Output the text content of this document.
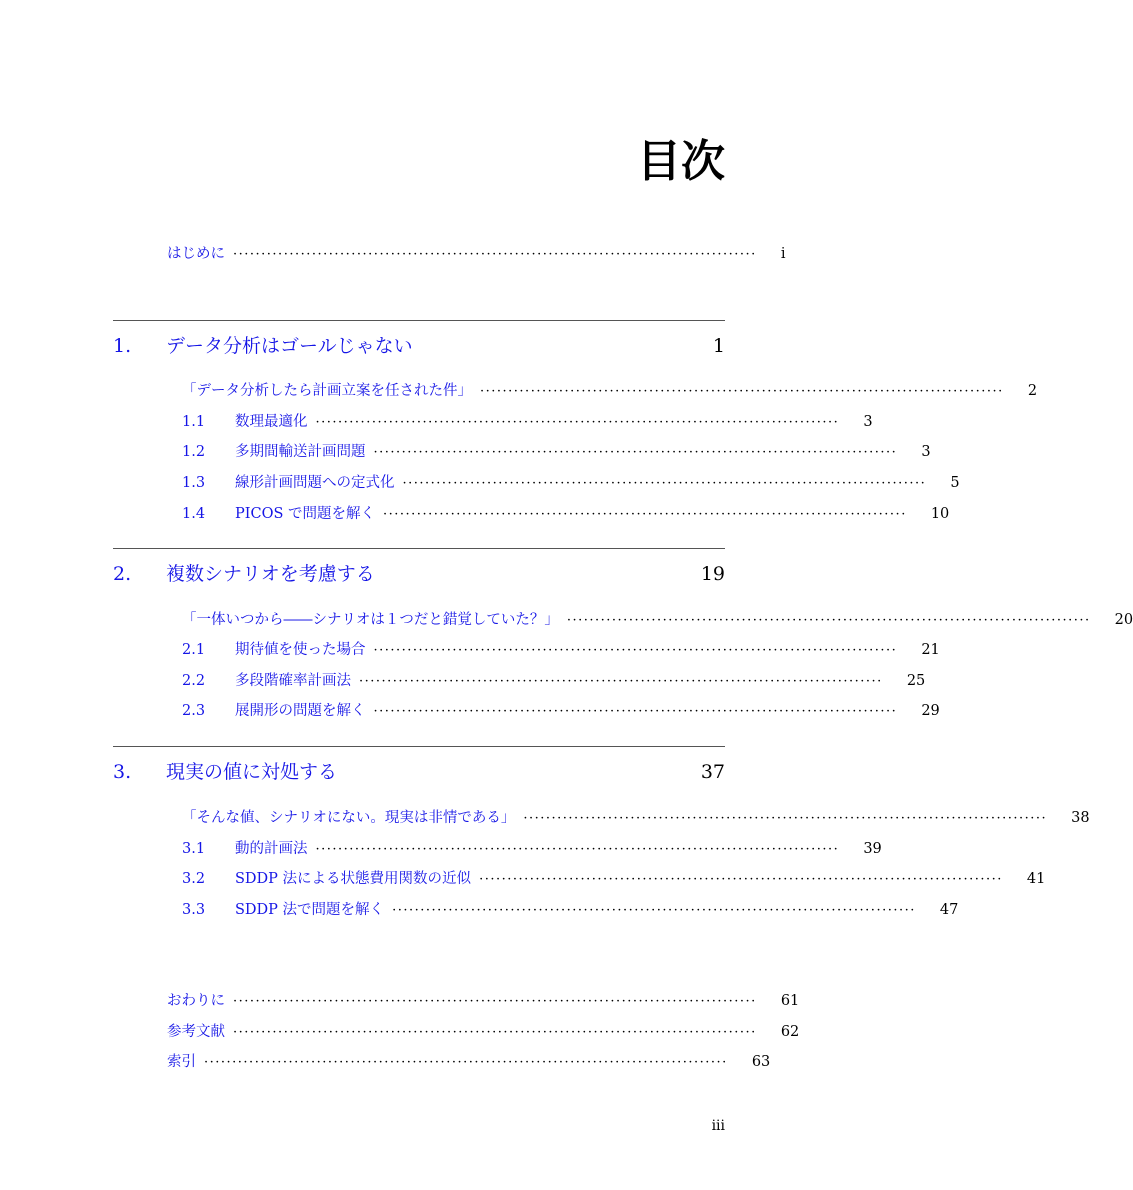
目次
はじめに ····························································································· i
1.	データ分析はゴールじゃない	1
「データ分析したら計画立案を任された件」 ····························································································· 2
1.1	数理最適化 ····························································································· 3
1.2	多期間輸送計画問題 ····························································································· 3
1.3	線形計画問題への定式化 ····························································································· 5
1.4	PICOS で問題を解く ····························································································· 10
2.	複数シナリオを考慮する	19
「一体いつから――シナリオは１つだと錯覚していた？」 ····························································································· 20
2.1	期待値を使った場合 ····························································································· 21
2.2	多段階確率計画法 ····························································································· 25
2.3	展開形の問題を解く ····························································································· 29
3.	現実の値に対処する	37
「そんな値、シナリオにない。現実は非情である」 ····························································································· 38
3.1	動的計画法 ····························································································· 39
3.2	SDDP 法による状態費用関数の近似 ····························································································· 41
3.3	SDDP 法で問題を解く ····························································································· 47
おわりに ····························································································· 61
参考文献 ····························································································· 62
索引 ····························································································· 63
iii
